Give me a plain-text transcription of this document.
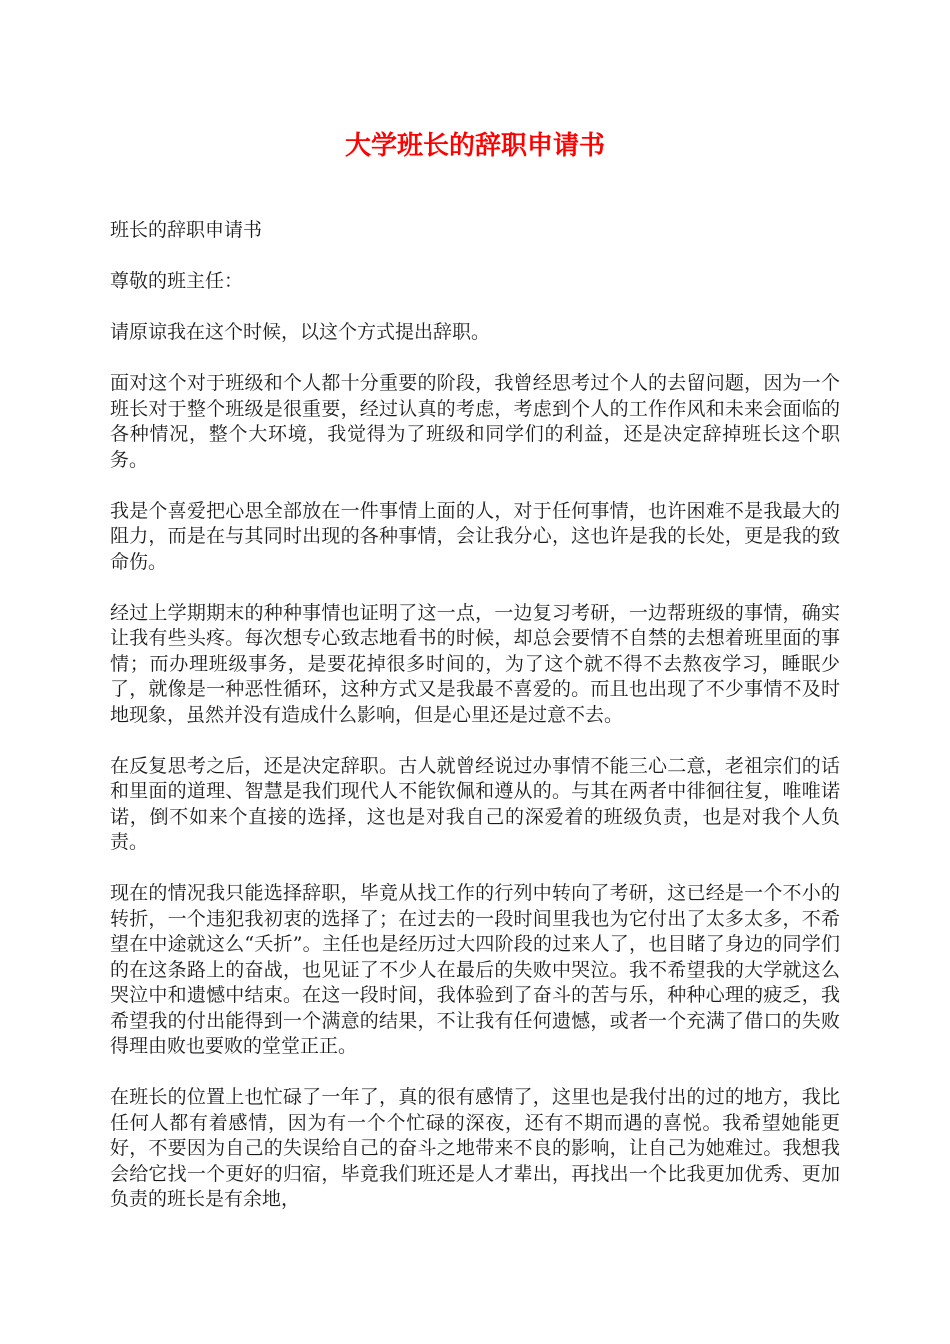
大学班长的辞职申请书

班长的辞职申请书

尊敬的班主任：

请原谅我在这个时候，以这个方式提出辞职。

面对这个对于班级和个人都十分重要的阶段，我曾经思考过个人的去留问题，因为一个班长对于整个班级是很重要，经过认真的考虑，考虑到个人的工作作风和未来会面临的各种情况，整个大环境，我觉得为了班级和同学们的利益，还是决定辞掉班长这个职务。

我是个喜爱把心思全部放在一件事情上面的人，对于任何事情，也许困难不是我最大的阻力，而是在与其同时出现的各种事情，会让我分心，这也许是我的长处，更是我的致命伤。

经过上学期期末的种种事情也证明了这一点，一边复习考研，一边帮班级的事情，确实让我有些头疼。每次想专心致志地看书的时候，却总会要情不自禁的去想着班里面的事情；而办理班级事务，是要花掉很多时间的，为了这个就不得不去熬夜学习，睡眠少了，就像是一种恶性循环，这种方式又是我最不喜爱的。而且也出现了不少事情不及时地现象，虽然并没有造成什么影响，但是心里还是过意不去。

在反复思考之后，还是决定辞职。古人就曾经说过办事情不能三心二意，老祖宗们的话和里面的道理、智慧是我们现代人不能钦佩和遵从的。与其在两者中徘徊往复，唯唯诺诺，倒不如来个直接的选择，这也是对我自己的深爱着的班级负责，也是对我个人负责。

现在的情况我只能选择辞职，毕竟从找工作的行列中转向了考研，这已经是一个不小的转折，一个违犯我初衷的选择了；在过去的一段时间里我也为它付出了太多太多，不希望在中途就这么“夭折”。主任也是经历过大四阶段的过来人了，也目睹了身边的同学们的在这条路上的奋战，也见证了不少人在最后的失败中哭泣。我不希望我的大学就这么哭泣中和遗憾中结束。在这一段时间，我体验到了奋斗的苦与乐，种种心理的疲乏，我希望我的付出能得到一个满意的结果，不让我有任何遗憾，或者一个充满了借口的失败得理由败也要败的堂堂正正。

在班长的位置上也忙碌了一年了，真的很有感情了，这里也是我付出的过的地方，我比任何人都有着感情，因为有一个个忙碌的深夜，还有不期而遇的喜悦。我希望她能更好，不要因为自己的失误给自己的奋斗之地带来不良的影响，让自己为她难过。我想我会给它找一个更好的归宿，毕竟我们班还是人才辈出，再找出一个比我更加优秀、更加负责的班长是有余地，
